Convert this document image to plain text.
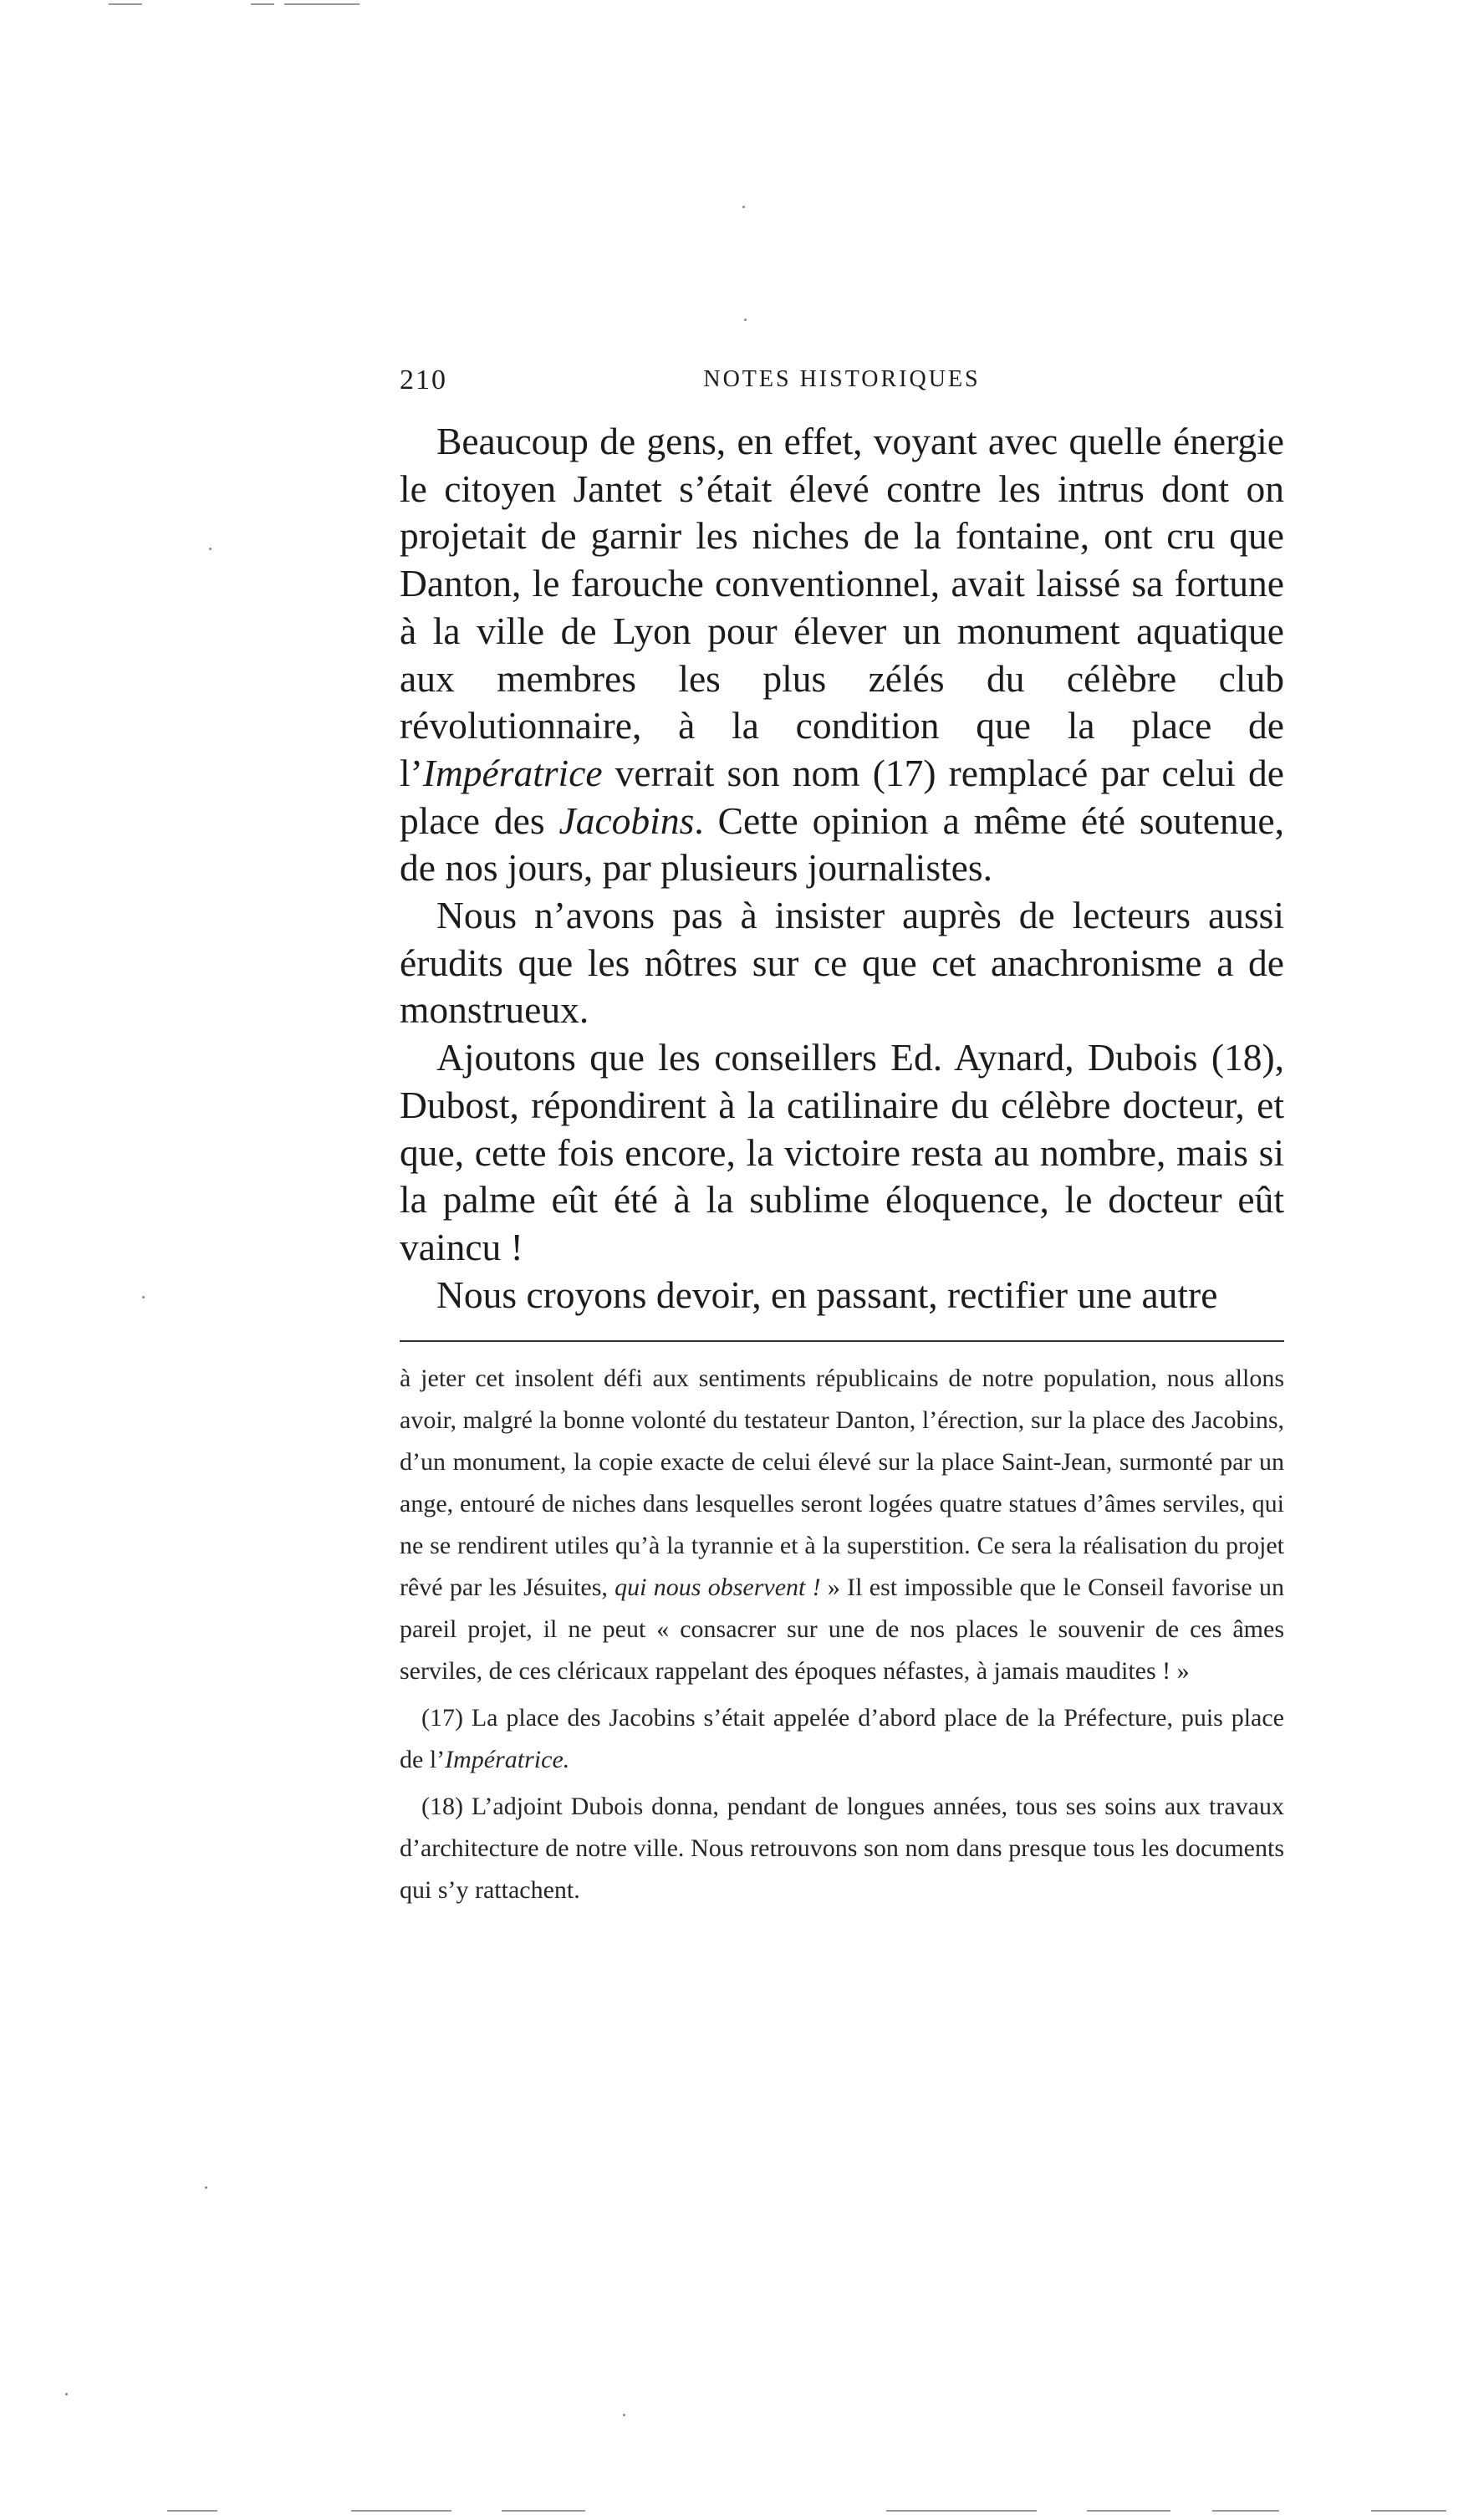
210	NOTES HISTORIQUES

Beaucoup de gens, en effet, voyant avec quelle énergie le citoyen Jantet s’était élevé contre les intrus dont on projetait de garnir les niches de la fontaine, ont cru que Danton, le farouche conventionnel, avait laissé sa fortune à la ville de Lyon pour élever un monument aquatique aux membres les plus zélés du célèbre club révolutionnaire, à la condition que la place de l’Impératrice verrait son nom (17) remplacé par celui de place des Jacobins. Cette opinion a même été soutenue, de nos jours, par plusieurs journalistes.

Nous n’avons pas à insister auprès de lecteurs aussi érudits que les nôtres sur ce que cet anachronisme a de monstrueux.

Ajoutons que les conseillers Ed. Aynard, Dubois (18), Dubost, répondirent à la catilinaire du célèbre docteur, et que, cette fois encore, la victoire resta au nombre, mais si la palme eût été à la sublime éloquence, le docteur eût vaincu !

Nous croyons devoir, en passant, rectifier une autre

à jeter cet insolent défi aux sentiments républicains de notre population, nous allons avoir, malgré la bonne volonté du testateur Danton, l’érection, sur la place des Jacobins, d’un monument, la copie exacte de celui élevé sur la place Saint-Jean, surmonté par un ange, entouré de niches dans lesquelles seront logées quatre statues d’âmes serviles, qui ne se rendirent utiles qu’à la tyrannie et à la superstition. Ce sera la réalisation du projet rêvé par les Jésuites, qui nous observent ! » Il est impossible que le Conseil favorise un pareil projet, il ne peut « consacrer sur une de nos places le souvenir de ces âmes serviles, de ces cléricaux rappelant des époques néfastes, à jamais maudites ! »

(17) La place des Jacobins s’était appelée d’abord place de la Préfecture, puis place de l’Impératrice.

(18) L’adjoint Dubois donna, pendant de longues années, tous ses soins aux travaux d’architecture de notre ville. Nous retrouvons son nom dans presque tous les documents qui s’y rattachent.
